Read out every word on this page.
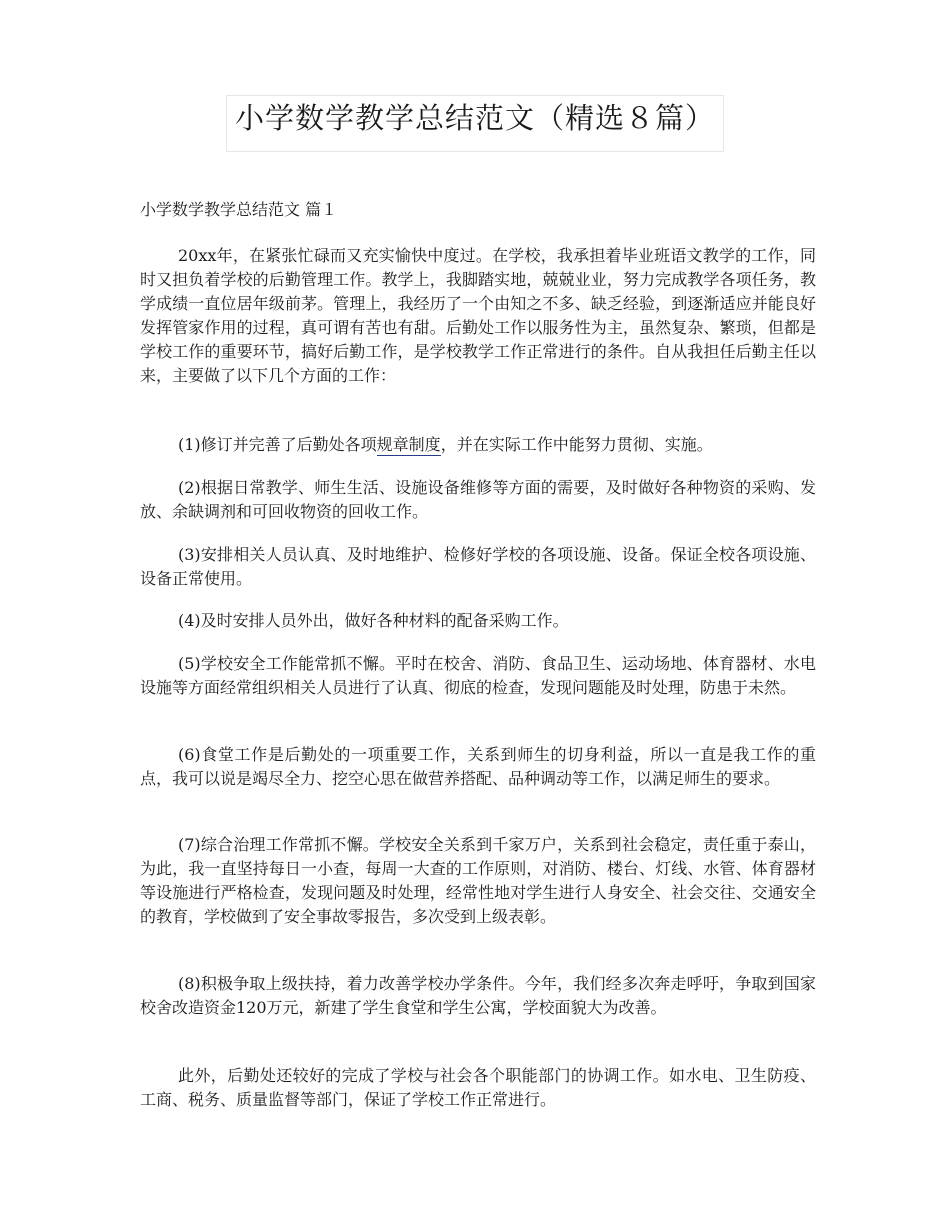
小学数学教学总结范文（精选８篇）
小学数学教学总结范文 篇１

20xx年，在紧张忙碌而又充实愉快中度过。在学校，我承担着毕业班语文教学的工作，同时又担负着学校的后勤管理工作。教学上，我脚踏实地，兢兢业业，努力完成教学各项任务，教学成绩一直位居年级前茅。管理上，我经历了一个由知之不多、缺乏经验，到逐渐适应并能良好发挥管家作用的过程，真可谓有苦也有甜。后勤处工作以服务性为主，虽然复杂、繁琐，但都是学校工作的重要环节，搞好后勤工作，是学校教学工作正常进行的条件。自从我担任后勤主任以来，主要做了以下几个方面的工作：

(1)修订并完善了后勤处各项规章制度，并在实际工作中能努力贯彻、实施。

(2)根据日常教学、师生生活、设施设备维修等方面的需要，及时做好各种物资的采购、发放、余缺调剂和可回收物资的回收工作。

(3)安排相关人员认真、及时地维护、检修好学校的各项设施、设备。保证全校各项设施、设备正常使用。

(4)及时安排人员外出，做好各种材料的配备采购工作。

(5)学校安全工作能常抓不懈。平时在校舍、消防、食品卫生、运动场地、体育器材、水电设施等方面经常组织相关人员进行了认真、彻底的检查，发现问题能及时处理，防患于未然。

(6)食堂工作是后勤处的一项重要工作，关系到师生的切身利益，所以一直是我工作的重点，我可以说是竭尽全力、挖空心思在做营养搭配、品种调动等工作，以满足师生的要求。

(7)综合治理工作常抓不懈。学校安全关系到千家万户，关系到社会稳定，责任重于泰山，为此，我一直坚持每日一小查，每周一大查的工作原则，对消防、楼台、灯线、水管、体育器材等设施进行严格检查，发现问题及时处理，经常性地对学生进行人身安全、社会交往、交通安全的教育，学校做到了安全事故零报告，多次受到上级表彰。

(8)积极争取上级扶持，着力改善学校办学条件。今年，我们经多次奔走呼吁，争取到国家校舍改造资金120万元，新建了学生食堂和学生公寓，学校面貌大为改善。

此外，后勤处还较好的完成了学校与社会各个职能部门的协调工作。如水电、卫生防疫、工商、税务、质量监督等部门，保证了学校工作正常进行。
